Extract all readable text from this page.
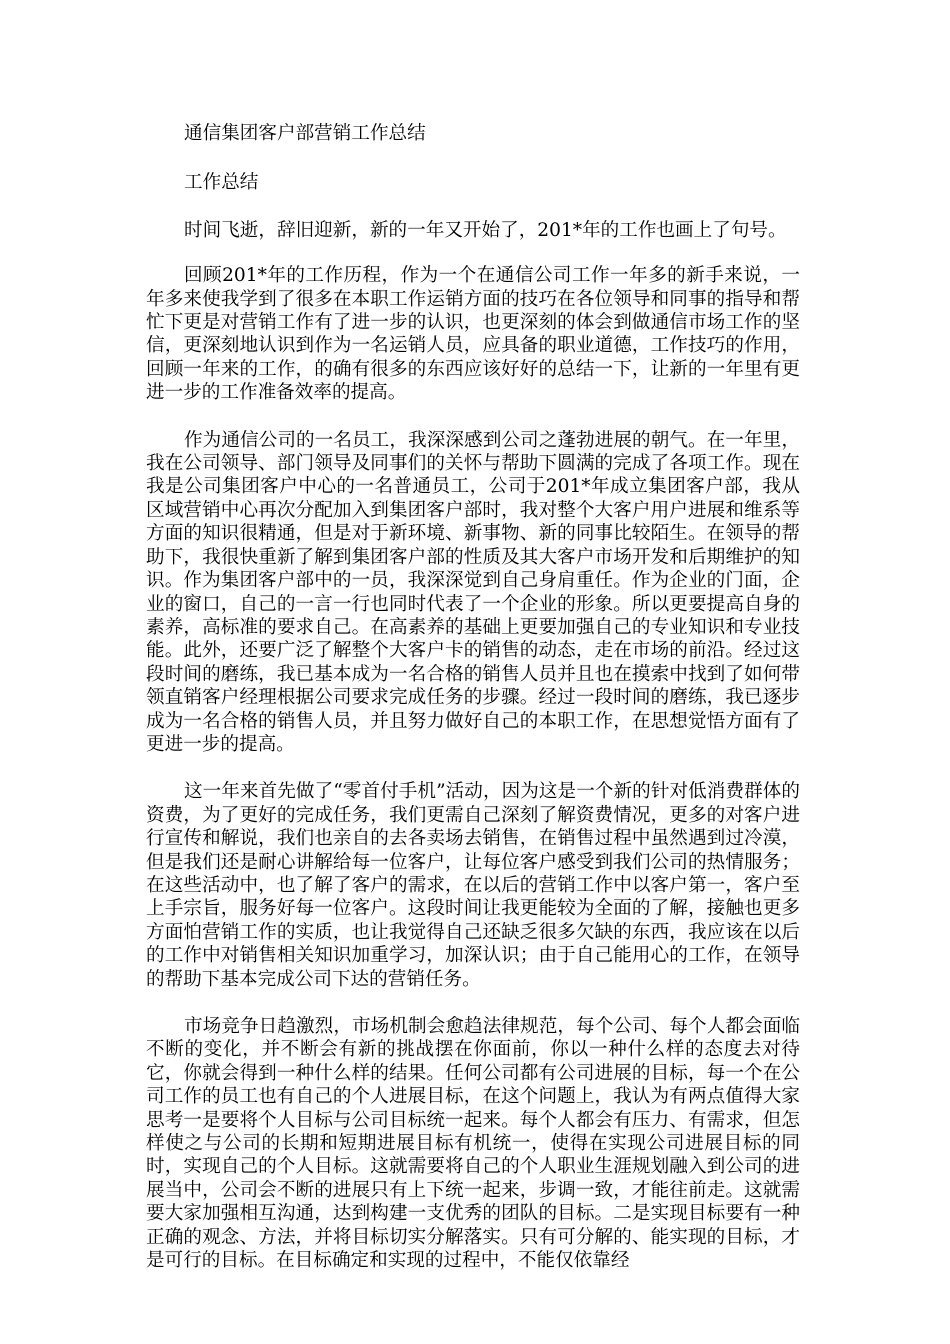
通信集团客户部营销工作总结

工作总结

时间飞逝，辞旧迎新，新的一年又开始了，201*年的工作也画上了句号。

回顾201*年的工作历程，作为一个在通信公司工作一年多的新手来说，一年多来使我学到了很多在本职工作运销方面的技巧在各位领导和同事的指导和帮忙下更是对营销工作有了进一步的认识，也更深刻的体会到做通信市场工作的坚信，更深刻地认识到作为一名运销人员，应具备的职业道德，工作技巧的作用，回顾一年来的工作，的确有很多的东西应该好好的总结一下，让新的一年里有更进一步的工作准备效率的提高。

作为通信公司的一名员工，我深深感到公司之蓬勃进展的朝气。在一年里，我在公司领导、部门领导及同事们的关怀与帮助下圆满的完成了各项工作。现在我是公司集团客户中心的一名普通员工，公司于201*年成立集团客户部，我从区域营销中心再次分配加入到集团客户部时，我对整个大客户用户进展和维系等方面的知识很精通，但是对于新环境、新事物、新的同事比较陌生。在领导的帮助下，我很快重新了解到集团客户部的性质及其大客户市场开发和后期维护的知识。作为集团客户部中的一员，我深深觉到自己身肩重任。作为企业的门面，企业的窗口，自己的一言一行也同时代表了一个企业的形象。所以更要提高自身的素养，高标准的要求自己。在高素养的基础上更要加强自己的专业知识和专业技能。此外，还要广泛了解整个大客户卡的销售的动态，走在市场的前沿。经过这段时间的磨练，我已基本成为一名合格的销售人员并且也在摸索中找到了如何带领直销客户经理根据公司要求完成任务的步骤。经过一段时间的磨练，我已逐步成为一名合格的销售人员，并且努力做好自己的本职工作，在思想觉悟方面有了更进一步的提高。

这一年来首先做了“零首付手机”活动，因为这是一个新的针对低消费群体的资费，为了更好的完成任务，我们更需自己深刻了解资费情况，更多的对客户进行宣传和解说，我们也亲自的去各卖场去销售，在销售过程中虽然遇到过冷漠，但是我们还是耐心讲解给每一位客户，让每位客户感受到我们公司的热情服务；在这些活动中，也了解了客户的需求，在以后的营销工作中以客户第一，客户至上手宗旨，服务好每一位客户。这段时间让我更能较为全面的了解，接触也更多方面怕营销工作的实质，也让我觉得自己还缺乏很多欠缺的东西，我应该在以后的工作中对销售相关知识加重学习，加深认识；由于自己能用心的工作，在领导的帮助下基本完成公司下达的营销任务。

市场竞争日趋激烈，市场机制会愈趋法律规范，每个公司、每个人都会面临不断的变化，并不断会有新的挑战摆在你面前，你以一种什么样的态度去对待它，你就会得到一种什么样的结果。任何公司都有公司进展的目标，每一个在公司工作的员工也有自己的个人进展目标，在这个问题上，我认为有两点值得大家思考一是要将个人目标与公司目标统一起来。每个人都会有压力、有需求，但怎样使之与公司的长期和短期进展目标有机统一，使得在实现公司进展目标的同时，实现自己的个人目标。这就需要将自己的个人职业生涯规划融入到公司的进展当中，公司会不断的进展只有上下统一起来，步调一致，才能往前走。这就需要大家加强相互沟通，达到构建一支优秀的团队的目标。二是实现目标要有一种正确的观念、方法，并将目标切实分解落实。只有可分解的、能实现的目标，才是可行的目标。在目标确定和实现的过程中，不能仅依靠经
